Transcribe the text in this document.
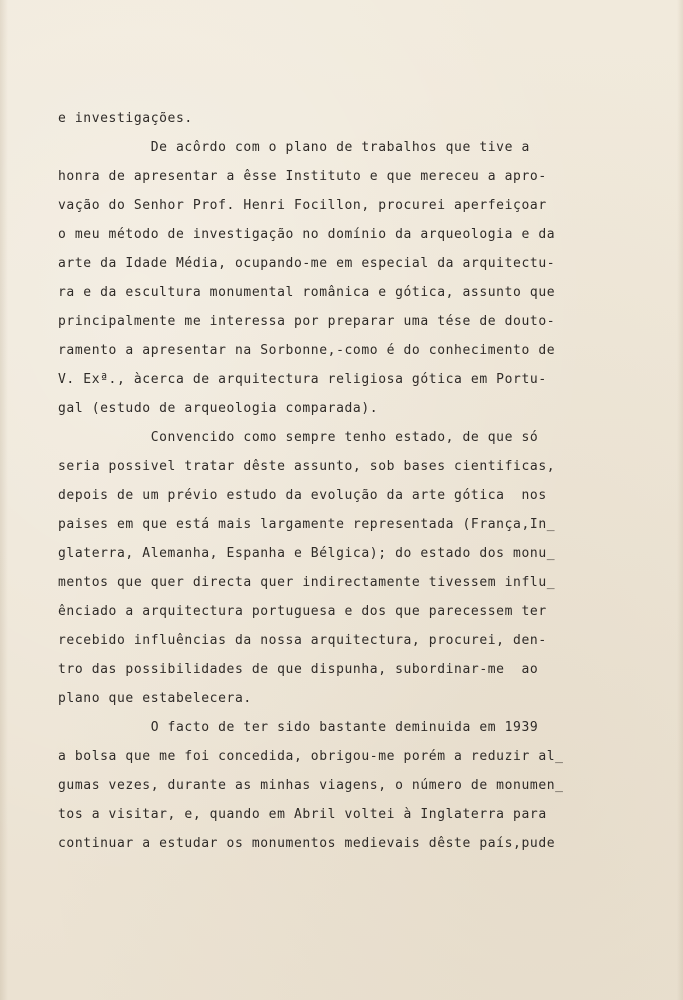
e investigações.
De acôrdo com o plano de trabalhos que tive a
honra de apresentar a êsse Instituto e que mereceu a apro-
vação do Senhor Prof. Henri Focillon, procurei aperfeiçoar
o meu método de investigação no domínio da arqueologia e da
arte da Idade Média, ocupando-me em especial da arquitectu-
ra e da escultura monumental românica e gótica, assunto que
principalmente me interessa por preparar uma tése de douto-
ramento a apresentar na Sorbonne,-como é do conhecimento de
V. Exª., àcerca de arquitectura religiosa gótica em Portu-
gal (estudo de arqueologia comparada).
Convencido como sempre tenho estado, de que só
seria possivel tratar dêste assunto, sob bases cientificas,
depois de um prévio estudo da evolução da arte gótica  nos
paises em que está mais largamente representada (França,In_
glaterra, Alemanha, Espanha e Bélgica); do estado dos monu_
mentos que quer directa quer indirectamente tivessem influ_
ênciado a arquitectura portuguesa e dos que parecessem ter
recebido influências da nossa arquitectura, procurei, den-
tro das possibilidades de que dispunha, subordinar-me  ao
plano que estabelecera.
O facto de ter sido bastante deminuida em 1939
a bolsa que me foi concedida, obrigou-me porém a reduzir al_
gumas vezes, durante as minhas viagens, o número de monumen_
tos a visitar, e, quando em Abril voltei à Inglaterra para
continuar a estudar os monumentos medievais dêste país,pude
